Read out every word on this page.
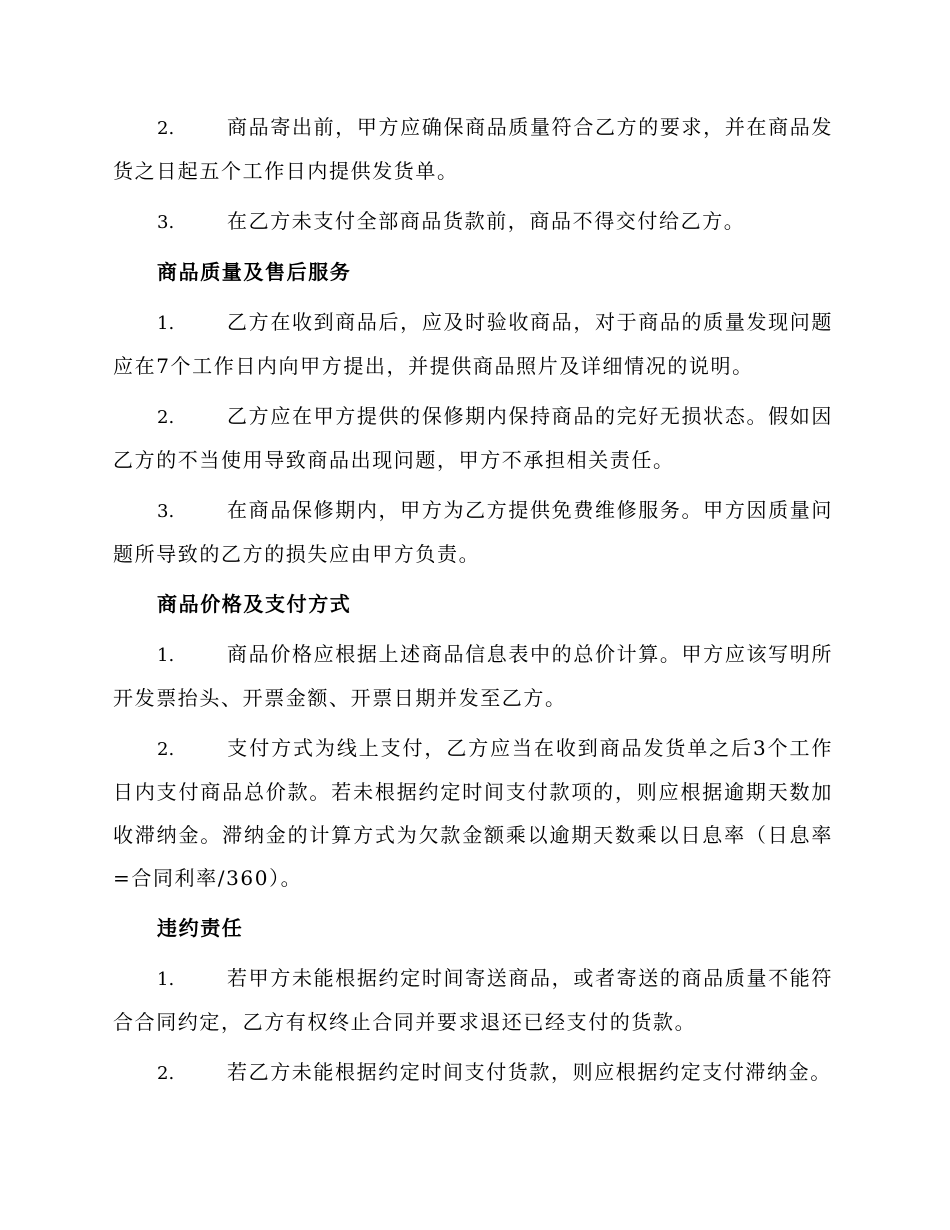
2.	商品寄出前，甲方应确保商品质量符合乙方的要求，并在商品发货之日起五个工作日内提供发货单。

3.	在乙方未支付全部商品货款前，商品不得交付给乙方。

商品质量及售后服务

1.	乙方在收到商品后，应及时验收商品，对于商品的质量发现问题应在7个工作日内向甲方提出，并提供商品照片及详细情况的说明。

2.	乙方应在甲方提供的保修期内保持商品的完好无损状态。假如因乙方的不当使用导致商品出现问题，甲方不承担相关责任。

3.	在商品保修期内，甲方为乙方提供免费维修服务。甲方因质量问题所导致的乙方的损失应由甲方负责。

商品价格及支付方式

1.	商品价格应根据上述商品信息表中的总价计算。甲方应该写明所开发票抬头、开票金额、开票日期并发至乙方。

2.	支付方式为线上支付，乙方应当在收到商品发货单之后3个工作日内支付商品总价款。若未根据约定时间支付款项的，则应根据逾期天数加收滞纳金。滞纳金的计算方式为欠款金额乘以逾期天数乘以日息率（日息率=合同利率/360）。

违约责任

1.	若甲方未能根据约定时间寄送商品，或者寄送的商品质量不能符合合同约定，乙方有权终止合同并要求退还已经支付的货款。

2.	若乙方未能根据约定时间支付货款，则应根据约定支付滞纳金。
